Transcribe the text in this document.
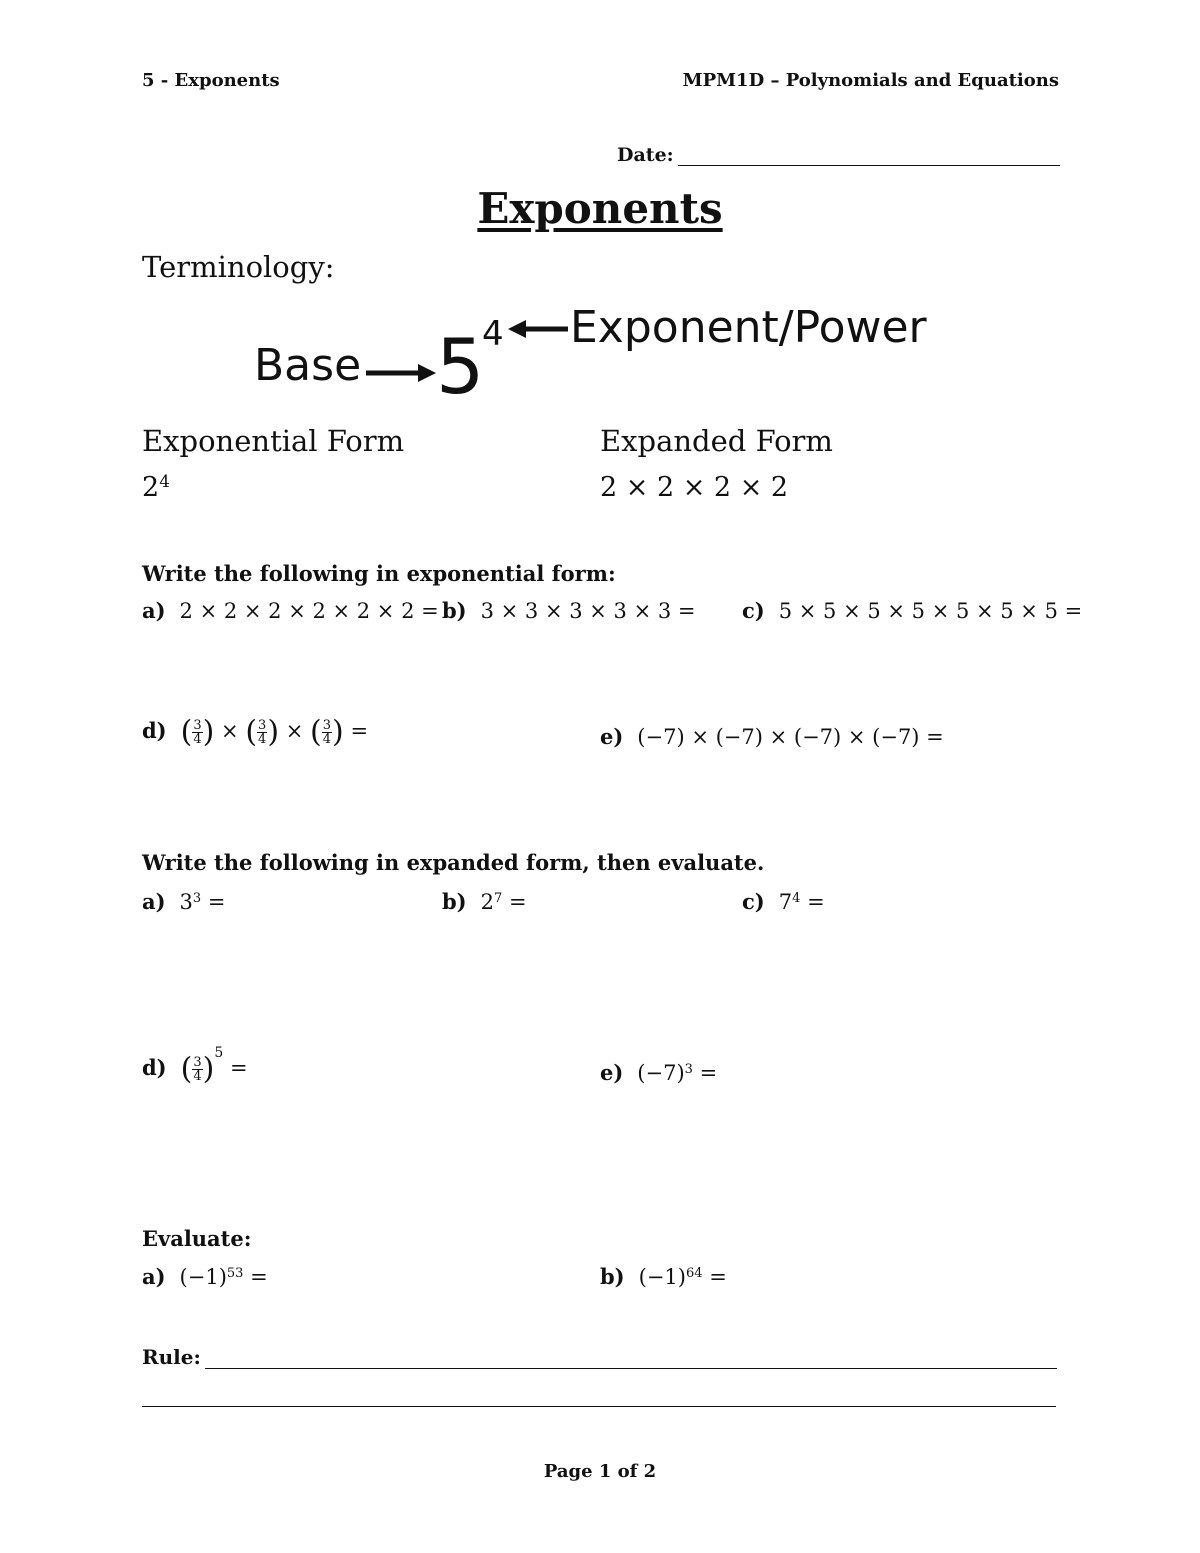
5 - Exponents	MPM1D – Polynomials and Equations
Date:
Exponents
Terminology:
Base 5
4 Exponent/Power
Exponential Form	Expanded Form
$2^4$	2 × 2 × 2 × 2
Write the following in exponential form:
a) 2 × 2 × 2 × 2 × 2 × 2 = b) 3 × 3 × 3 × 3 × 3 = c) 5 × 5 × 5 × 5 × 5 × 5 × 5 =
d) ( $\frac{3}{4}$ ) × ( $\frac{3}{4}$ ) × ( $\frac{3}{4}$ ) =	e) (−7) × (−7) × (−7) × (−7) =
Write the following in expanded form, then evaluate.
a) $3^3$ =	b) $2^7$ =	c) $7^4$ =
d) ( $\frac{3}{4} )^5$ =	e) $(-7)^3$ =
Evaluate:
a) $(-1)^{53}$ =	b) $(-1)^{64}$ =
Rule:
Page 1 of 2
